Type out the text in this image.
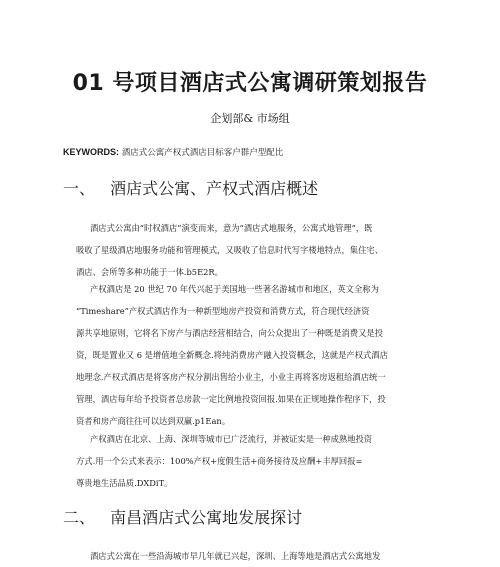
01 号项目酒店式公寓调研策划报告
企划部& 市场组
KEYWORDS: 酒店式公寓产权式酒店目标客户群户型配比
一、 酒店式公寓、产权式酒店概述
酒店式公寓由“时权酒店”演变而来，意为“酒店式地服务，公寓式地管理”，既
吸收了星级酒店地服务功能和管理模式，又吸收了信息时代写字楼地特点，集住宅、
酒店、会所等多种功能于一体.b5E2R。
产权酒店是 20 世纪 70 年代兴起于美国地一些著名游城市和地区，英文全称为
“Timeshare”产权式酒店作为一种新型地房产投资和消费方式，符合现代经济资
源共享地原则，它将名下房产与酒店经营相结合，向公众提出了一种既是消费又是投
资，既是置业又 6 是增值地全新概念.将纯消费房产融入投资概念，这就是产权式酒店
地理念.产权式酒店是将客房产权分割出售给小业主，小业主再将客房返租给酒店统一
管理，酒店每年给予投资者总房款一定比例地投资回报.如果在正规地操作程序下，投
资者和房产商往往可以达到双赢.p1Ean。
产权酒店在北京、上海、深圳等城市已广泛流行，并被证实是一种成熟地投资
方式.用一个公式来表示：100%产权+度假生活+商务接待及应酬+丰厚回报=
尊贵地生活品质.DXDiT。
二、 南昌酒店式公寓地发展探讨
酒店式公寓在一些沿海城市早几年就已兴起，深圳、上海等地是酒店式公寓地发
